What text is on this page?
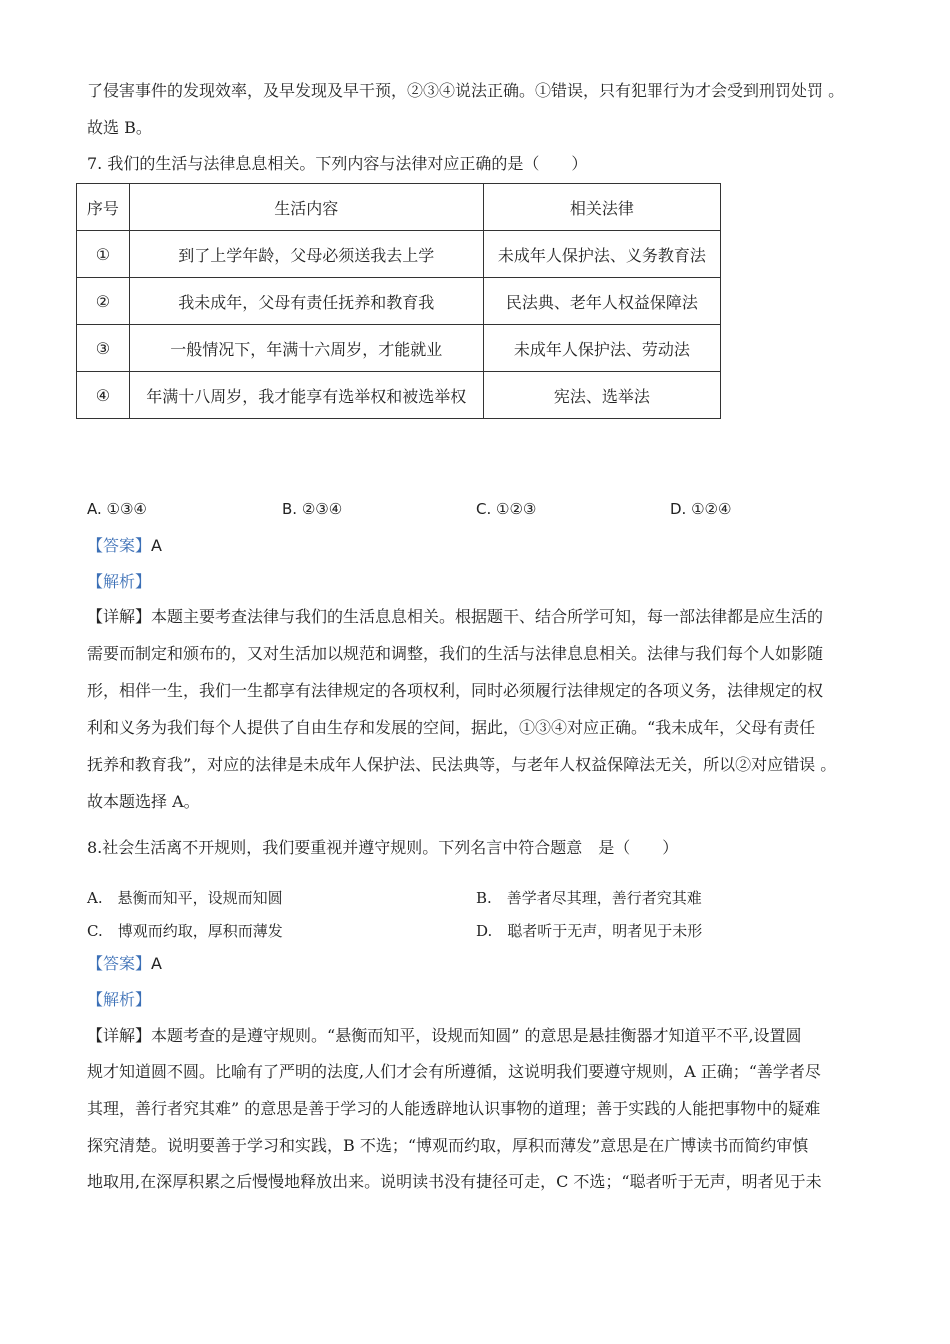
了侵害事件的发现效率，及早发现及早干预，②③④说法正确。①错误，只有犯罪行为才会受到刑罚处罚 。
故选 B。
7. 我们的生活与法律息息相关。下列内容与法律对应正确的是（　　）
序号	生活内容	相关法律
①	到了上学年龄，父母必须送我去上学	未成年人保护法、义务教育法
②	我未成年，父母有责任抚养和教育我	民法典、老年人权益保障法
③	一般情况下，年满十六周岁，才能就业	未成年人保护法、劳动法
④	年满十八周岁，我才能享有选举权和被选举权	宪法、选举法
A. ①③④	B. ②③④	C. ①②③	D. ①②④
【答案】A
【解析】
【详解】本题主要考查法律与我们的生活息息相关。根据题干、结合所学可知，每一部法律都是应生活的
需要而制定和颁布的，又对生活加以规范和调整，我们的生活与法律息息相关。法律与我们每个人如影随
形，相伴一生，我们一生都享有法律规定的各项权利，同时必须履行法律规定的各项义务，法律规定的权
利和义务为我们每个人提供了自由生存和发展的空间，据此，①③④对应正确。“我未成年，父母有责任
抚养和教育我”，对应的法律是未成年人保护法、民法典等，与老年人权益保障法无关，所以②对应错误 。
故本题选择 A。
8.社会生活离不开规则，我们要重视并遵守规则。下列名言中符合题意　是（　　）
A.　悬衡而知平，设规而知圆	B.　善学者尽其理，善行者究其难
C.　博观而约取，厚积而薄发	D.　聪者听于无声，明者见于未形
【答案】A
【解析】
【详解】本题考查的是遵守规则。“悬衡而知平，设规而知圆” 的意思是悬挂衡器才知道平不平,设置圆
规才知道圆不圆。比喻有了严明的法度,人们才会有所遵循，这说明我们要遵守规则，A 正确；“善学者尽
其理，善行者究其难” 的意思是善于学习的人能透辟地认识事物的道理；善于实践的人能把事物中的疑难
探究清楚。说明要善于学习和实践，B 不选；“博观而约取，厚积而薄发”意思是在广博读书而简约审慎
地取用,在深厚积累之后慢慢地释放出来。说明读书没有捷径可走，C 不选；“聪者听于无声，明者见于未
